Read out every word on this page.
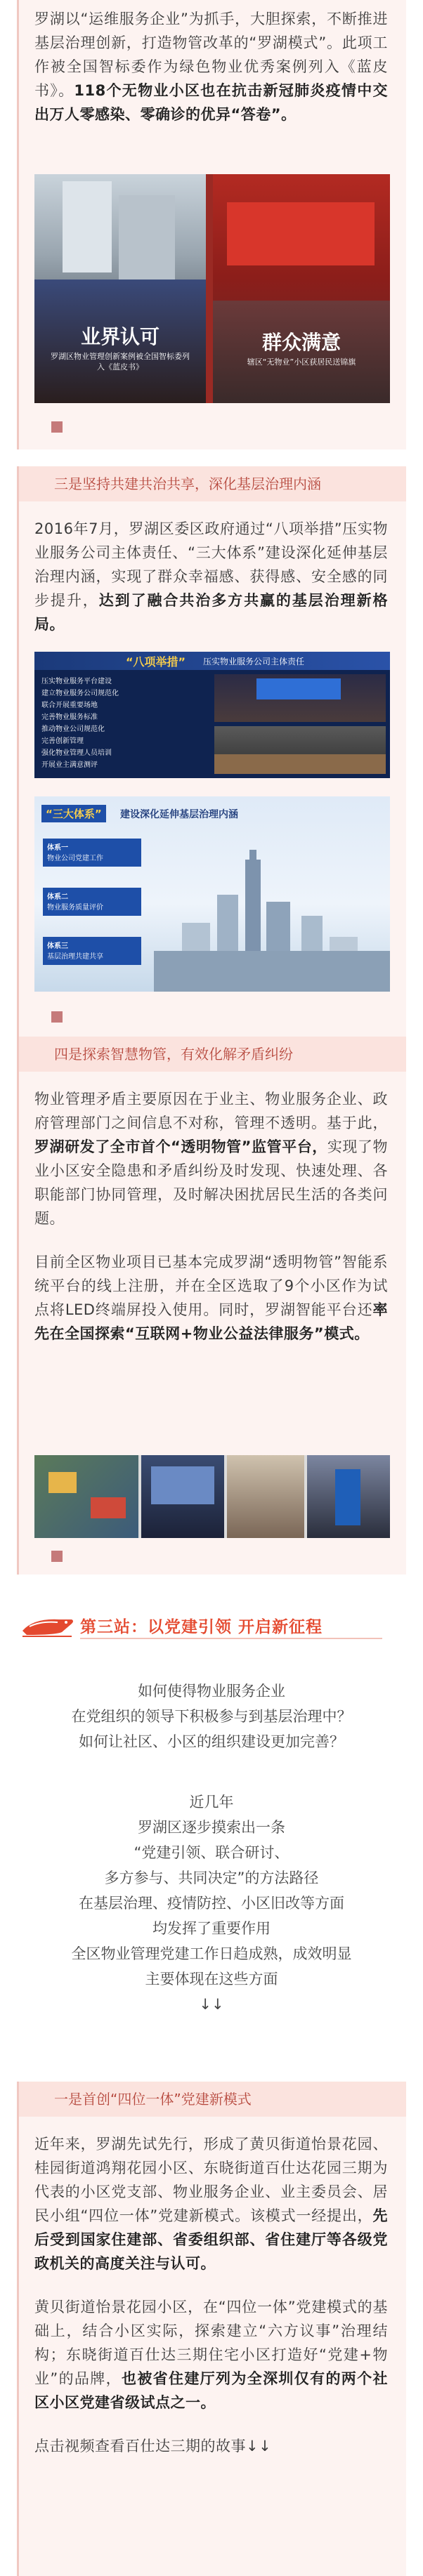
罗湖以“运维服务企业”为抓手，大胆探索，不断推进基层治理创新，打造物管改革的“罗湖模式”。此项工作被全国智标委作为绿色物业优秀案例列入《蓝皮书》。118个无物业小区也在抗击新冠肺炎疫情中交出万人零感染、零确诊的优异“答卷”。

业界认可
罗湖区物业管理创新案例被全国智标委列入《蓝皮书》
群众满意
辖区“无物业”小区获居民送锦旗
三是坚持共建共治共享，深化基层治理内涵

2016年7月，罗湖区委区政府通过“八项举措”压实物业服务公司主体责任、“三大体系”建设深化延伸基层治理内涵，实现了群众幸福感、获得感、安全感的同步提升，达到了融合共治多方共赢的基层治理新格局。

“八项举措” 压实物业服务公司主体责任
压实物业服务平台建设
建立物业服务公司规范化
联合开展重要场地
完善物业服务标准
推动物业公司规范化
完善创新管理
强化物业管理人员培训
开展业主满意测评
“三大体系”	建设深化延伸基层治理内涵
体系一
物业公司党建工作
体系二
物业服务质量评价
体系三
基层治理共建共享
四是探索智慧物管，有效化解矛盾纠纷

物业管理矛盾主要原因在于业主、物业服务企业、政府管理部门之间信息不对称，管理不透明。基于此，罗湖研发了全市首个“透明物管”监管平台，实现了物业小区安全隐患和矛盾纠纷及时发现、快速处理、各职能部门协同管理，及时解决困扰居民生活的各类问题。

目前全区物业项目已基本完成罗湖“透明物管”智能系统平台的线上注册，并在全区选取了9个小区作为试点将LED终端屏投入使用。同时，罗湖智能平台还率先在全国探索“互联网+物业公益法律服务”模式。

第三站：以党建引领 开启新征程
如何使得物业服务企业
在党组织的领导下积极参与到基层治理中？
如何让社区、小区的组织建设更加完善？
近几年
罗湖区逐步摸索出一条
“党建引领、联合研讨、
多方参与、共同决定”的方法路径
在基层治理、疫情防控、小区旧改等方面
均发挥了重要作用
全区物业管理党建工作日趋成熟，成效明显
主要体现在这些方面
↓↓
一是首创“四位一体”党建新模式

近年来，罗湖先试先行，形成了黄贝街道怡景花园、桂园街道鸿翔花园小区、东晓街道百仕达花园三期为代表的小区党支部、物业服务企业、业主委员会、居民小组“四位一体”党建新模式。该模式一经提出，先后受到国家住建部、省委组织部、省住建厅等各级党政机关的高度关注与认可。

黄贝街道怡景花园小区，在“四位一体”党建模式的基础上，结合小区实际，探索建立“六方议事”治理结构；东晓街道百仕达三期住宅小区打造好“党建+物业”的品牌，也被省住建厅列为全深圳仅有的两个社区小区党建省级试点之一。

点击视频查看百仕达三期的故事↓↓
